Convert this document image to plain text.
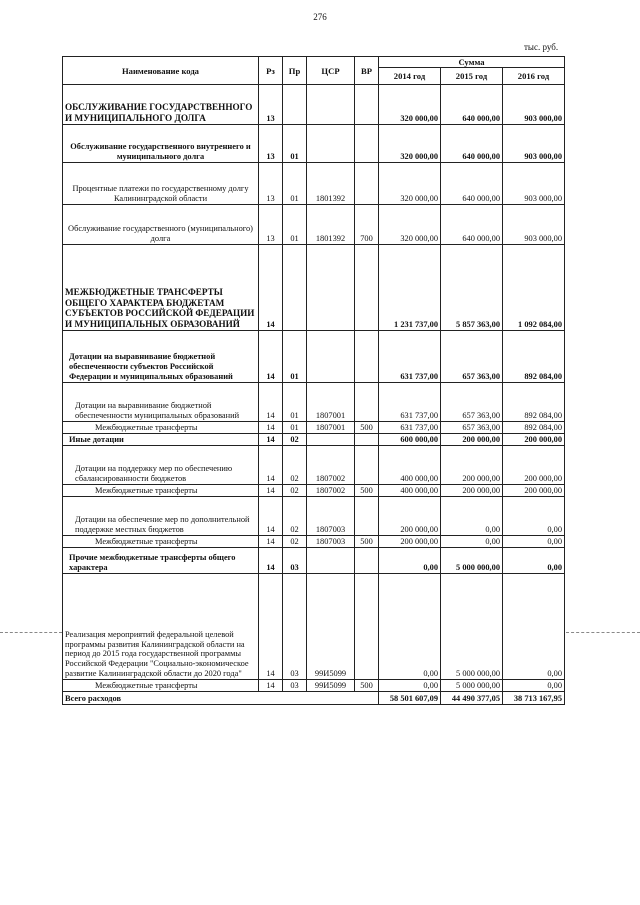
276
тыс. руб.
Наименование кода	Рз	Пр	ЦСР	ВР	Сумма		
					2014 год	2015 год	2016 год
ОБСЛУЖИВАНИЕ ГОСУДАРСТВЕННОГО И МУНИЦИПАЛЬНОГО ДОЛГА	13				320 000,00	640 000,00	903 000,00
Обслуживание государственного внутреннего и муниципального долга	13	01			320 000,00	640 000,00	903 000,00
Процентные платежи по государственному долгу Калининградской области	13	01	1801392		320 000,00	640 000,00	903 000,00
Обслуживание государственного (муниципального) долга	13	01	1801392	700	320 000,00	640 000,00	903 000,00
МЕЖБЮДЖЕТНЫЕ ТРАНСФЕРТЫ ОБЩЕГО ХАРАКТЕРА БЮДЖЕТАМ СУБЪЕКТОВ РОССИЙСКОЙ ФЕДЕРАЦИИ И МУНИЦИПАЛЬНЫХ ОБРАЗОВАНИЙ	14				1 231 737,00	5 857 363,00	1 092 084,00
Дотации на выравнивание бюджетной обеспеченности субъектов Российской Федерации и муниципальных образований	14	01			631 737,00	657 363,00	892 084,00
Дотации на выравнивание бюджетной обеспеченности муниципальных образований	14	01	1807001		631 737,00	657 363,00	892 084,00
Межбюджетные трансферты	14	01	1807001	500	631 737,00	657 363,00	892 084,00
Иные дотации	14	02			600 000,00	200 000,00	200 000,00
Дотации на поддержку мер по обеспечению сбалансированности бюджетов	14	02	1807002		400 000,00	200 000,00	200 000,00
Межбюджетные трансферты	14	02	1807002	500	400 000,00	200 000,00	200 000,00
Дотации на обеспечение мер по дополнительной поддержке местных бюджетов	14	02	1807003		200 000,00	0,00	0,00
Межбюджетные трансферты	14	02	1807003	500	200 000,00	0,00	0,00
Прочие межбюджетные трансферты общего характера	14	03			0,00	5 000 000,00	0,00
Реализация мероприятий федеральной целевой программы развития Калининградской области на период до 2015 года государственной программы Российской Федерации "Социально-экономическое развитие Калининградской области до 2020 года"	14	03	99И5099		0,00	5 000 000,00	0,00
Межбюджетные трансферты	14	03	99И5099	500	0,00	5 000 000,00	0,00
Всего расходов					58 501 607,09	44 490 377,05	38 713 167,95
